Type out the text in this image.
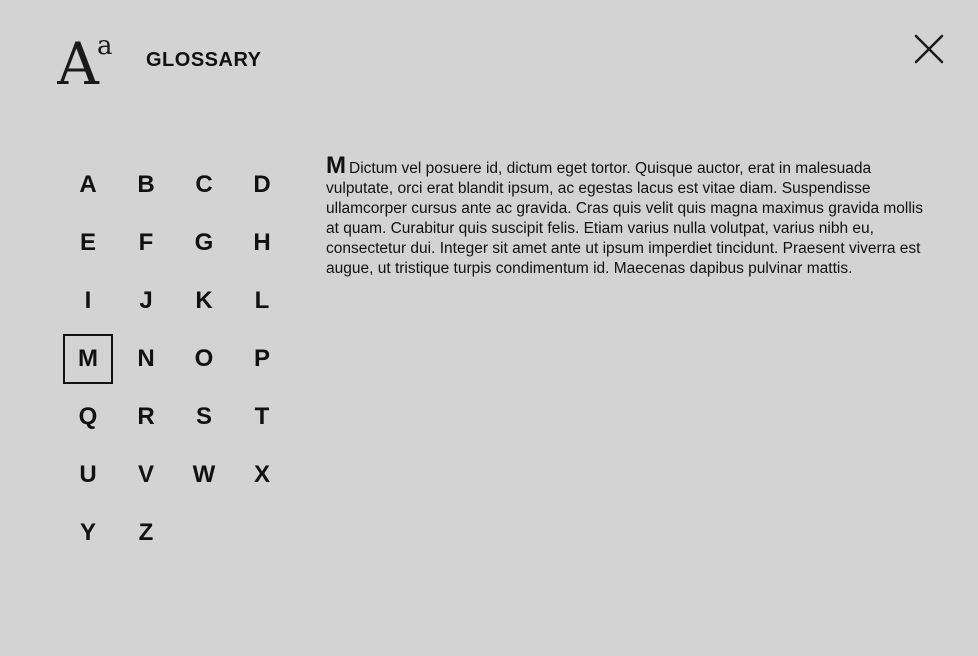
A
a GLOSSARY
A	B	C	D
E	F	G	H
I	J	K	L
M	N	O	P
Q	R	S	T
U	V	W	X
Y	Z
M Dictum vel posuere id, dictum eget tortor. Quisque auctor, erat in malesuada vulputate, orci erat blandit ipsum, ac egestas lacus est vitae diam. Suspendisse ullamcorper cursus ante ac gravida. Cras quis velit quis magna maximus gravida mollis at quam. Curabitur quis suscipit felis. Etiam varius nulla volutpat, varius nibh eu, consectetur dui. Integer sit amet ante ut ipsum imperdiet tincidunt. Praesent viverra est augue, ut tristique turpis condimentum id. Maecenas dapibus pulvinar mattis.
